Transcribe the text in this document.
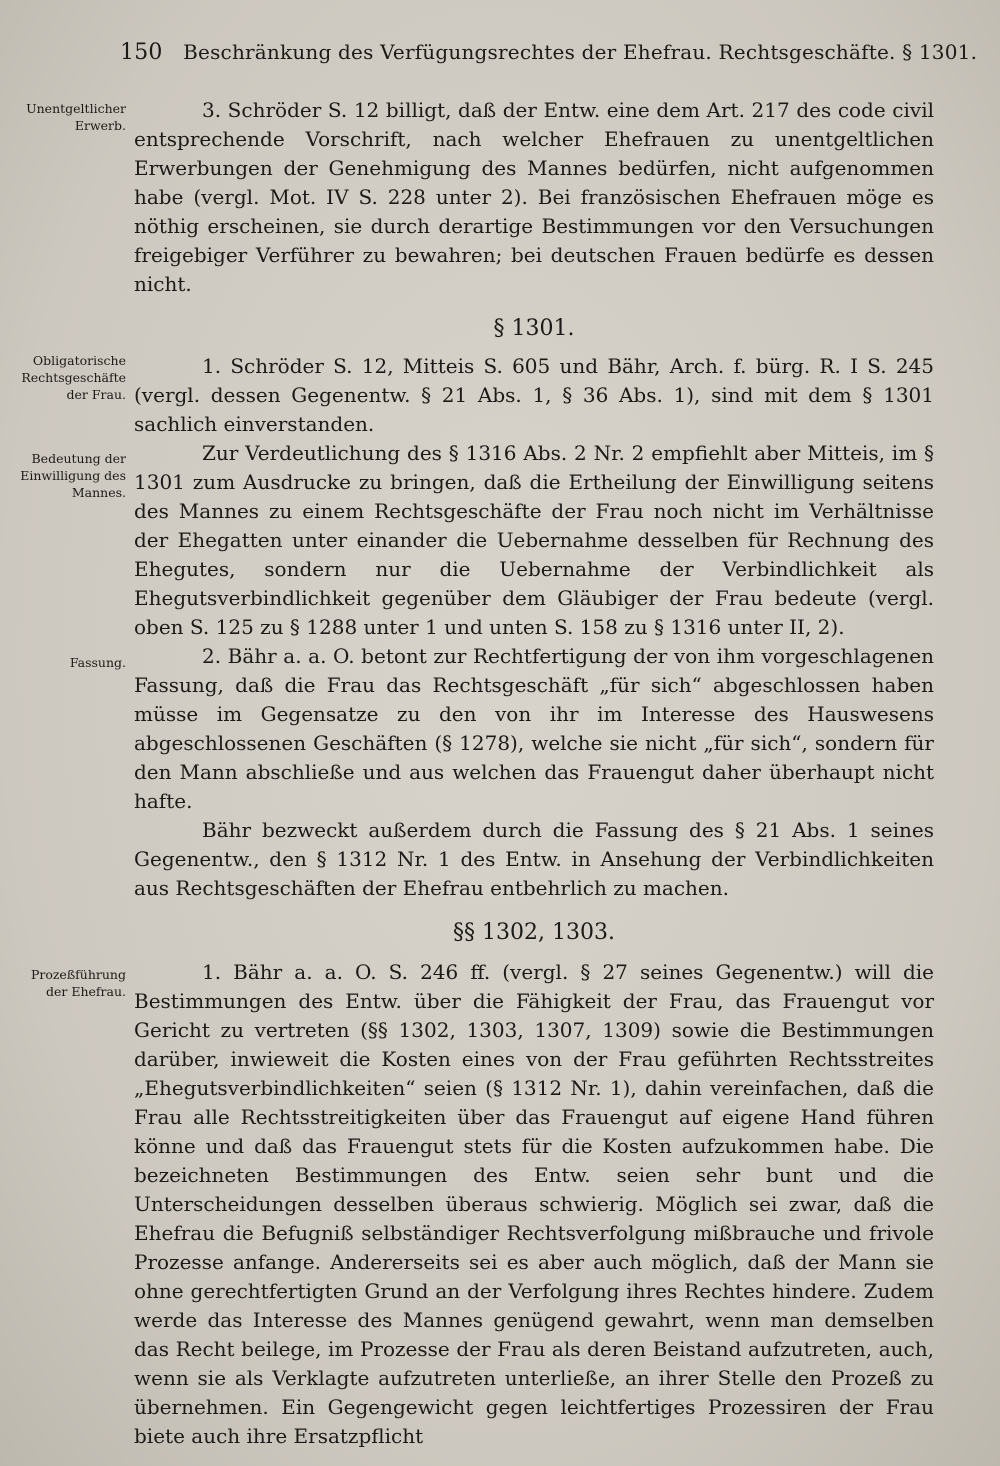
150 Beschränkung des Verfügungsrechtes der Ehefrau. Rechtsgeschäfte. § 1301.
Unentgeltlicher Erwerb.
Obligatorische Rechtsgeschäfte der Frau.
Bedeutung der Einwilligung des Mannes.
Fassung.
Prozeßführung der Ehefrau.

3. Schröder S. 12 billigt, daß der Entw. eine dem Art. 217 des code civil entsprechende Vorschrift, nach welcher Ehefrauen zu unentgeltlichen Erwerbungen der Genehmigung des Mannes bedürfen, nicht aufgenommen habe (vergl. Mot. IV S. 228 unter 2). Bei französischen Ehefrauen möge es nöthig erscheinen, sie durch derartige Bestimmungen vor den Versuchungen freigebiger Verführer zu bewahren; bei deutschen Frauen bedürfe es dessen nicht.

§ 1301.

1. Schröder S. 12, Mitteis S. 605 und Bähr, Arch. f. bürg. R. I S. 245 (vergl. dessen Gegenentw. § 21 Abs. 1, § 36 Abs. 1), sind mit dem § 1301 sachlich einverstanden.

Zur Verdeutlichung des § 1316 Abs. 2 Nr. 2 empfiehlt aber Mitteis, im § 1301 zum Ausdrucke zu bringen, daß die Ertheilung der Einwilligung seitens des Mannes zu einem Rechtsgeschäfte der Frau noch nicht im Verhältnisse der Ehegatten unter einander die Uebernahme desselben für Rechnung des Ehegutes, sondern nur die Uebernahme der Verbindlichkeit als Ehegutsverbindlichkeit gegenüber dem Gläubiger der Frau bedeute (vergl. oben S. 125 zu § 1288 unter 1 und unten S. 158 zu § 1316 unter II, 2).

2. Bähr a. a. O. betont zur Rechtfertigung der von ihm vorgeschlagenen Fassung, daß die Frau das Rechtsgeschäft „für sich“ abgeschlossen haben müsse im Gegensatze zu den von ihr im Interesse des Hauswesens abgeschlossenen Geschäften (§ 1278), welche sie nicht „für sich“, sondern für den Mann abschließe und aus welchen das Frauengut daher überhaupt nicht hafte.

Bähr bezweckt außerdem durch die Fassung des § 21 Abs. 1 seines Gegenentw., den § 1312 Nr. 1 des Entw. in Ansehung der Verbindlichkeiten aus Rechtsgeschäften der Ehefrau entbehrlich zu machen.

§§ 1302, 1303.

1. Bähr a. a. O. S. 246 ff. (vergl. § 27 seines Gegenentw.) will die Bestimmungen des Entw. über die Fähigkeit der Frau, das Frauengut vor Gericht zu vertreten (§§ 1302, 1303, 1307, 1309) sowie die Bestimmungen darüber, inwieweit die Kosten eines von der Frau geführten Rechtsstreites „Ehegutsverbindlichkeiten“ seien (§ 1312 Nr. 1), dahin vereinfachen, daß die Frau alle Rechtsstreitigkeiten über das Frauengut auf eigene Hand führen könne und daß das Frauengut stets für die Kosten aufzukommen habe. Die bezeichneten Bestimmungen des Entw. seien sehr bunt und die Unterscheidungen desselben überaus schwierig. Möglich sei zwar, daß die Ehefrau die Befugniß selbständiger Rechtsverfolgung mißbrauche und frivole Prozesse anfange. Andererseits sei es aber auch möglich, daß der Mann sie ohne gerechtfertigten Grund an der Verfolgung ihres Rechtes hindere. Zudem werde das Interesse des Mannes genügend gewahrt, wenn man demselben das Recht beilege, im Prozesse der Frau als deren Beistand aufzutreten, auch, wenn sie als Verklagte aufzutreten unterließe, an ihrer Stelle den Prozeß zu übernehmen. Ein Gegengewicht gegen leichtfertiges Prozessiren der Frau biete auch ihre Ersatzpflicht
